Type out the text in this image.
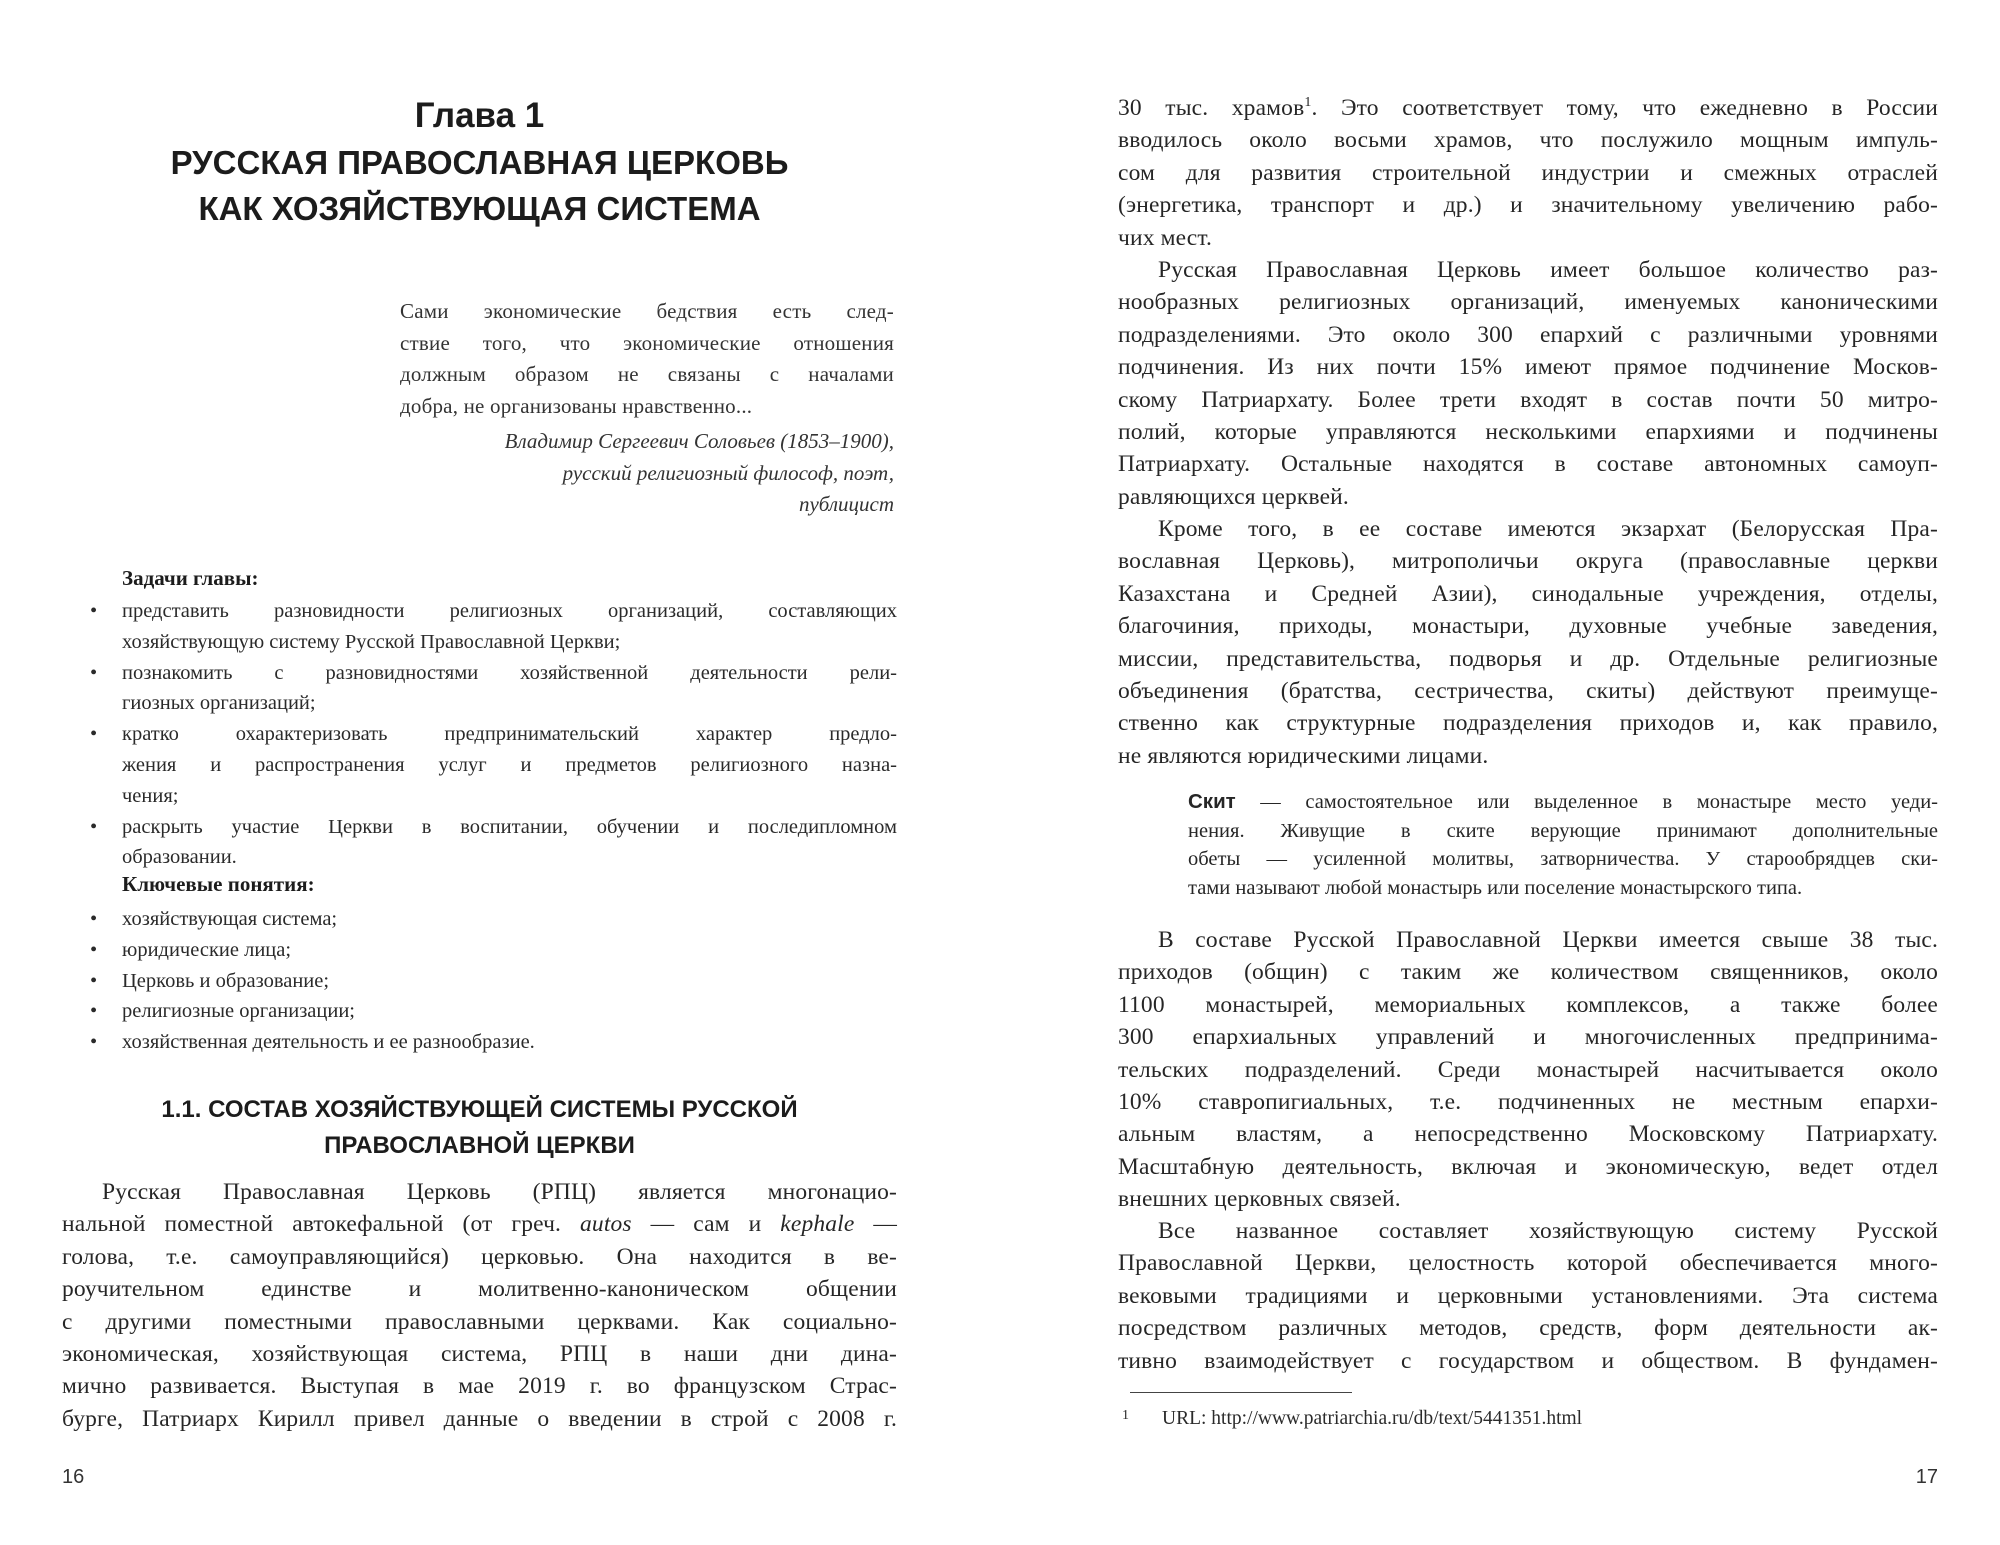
Глава 1
РУССКАЯ ПРАВОСЛАВНАЯ ЦЕРКОВЬ
КАК ХОЗЯЙСТВУЮЩАЯ СИСТЕМА
Сами экономические бедствия есть след-
ствие того, что экономические отношения
должным образом не связаны с началами
добра, не организованы нравственно...
Владимир Сергеевич Соловьев (1853–1900),
русский религиозный философ, поэт,
публицист
Задачи главы:
• представить разновидности религиозных организаций, составляющих
хозяйствующую систему Русской Православной Церкви;
• познакомить с разновидностями хозяйственной деятельности рели-
гиозных организаций;
• кратко охарактеризовать предпринимательский характер предло-
жения и распространения услуг и предметов религиозного назна-
чения;
• раскрыть участие Церкви в воспитании, обучении и последипломном
образовании.
Ключевые понятия:
• хозяйствующая система;
• юридические лица;
• Церковь и образование;
• религиозные организации;
• хозяйственная деятельность и ее разнообразие.
1.1. СОСТАВ ХОЗЯЙСТВУЮЩЕЙ СИСТЕМЫ РУССКОЙ
ПРАВОСЛАВНОЙ ЦЕРКВИ
Русская Православная Церковь (РПЦ) является многонацио-
нальной поместной автокефальной (от греч. autos — сам и kephale —
голова, т.е. самоуправляющийся) церковью. Она находится в ве-
роучительном единстве и молитвенно-каноническом общении
с другими поместными православными церквами. Как социально-
экономическая, хозяйствующая система, РПЦ в наши дни дина-
мично развивается. Выступая в мае 2019 г. во французском Страс-
бурге, Патриарх Кирилл привел данные о введении в строй с 2008 г.
16
30 тыс. храмов$^1$. Это соответствует тому, что ежедневно в России
вводилось около восьми храмов, что послужило мощным импуль-
сом для развития строительной индустрии и смежных отраслей
(энергетика, транспорт и др.) и значительному увеличению рабо-
чих мест.
Русская Православная Церковь имеет большое количество раз-
нообразных религиозных организаций, именуемых каноническими
подразделениями. Это около 300 епархий с различными уровнями
подчинения. Из них почти 15% имеют прямое подчинение Москов-
скому Патриархату. Более трети входят в состав почти 50 митро-
полий, которые управляются несколькими епархиями и подчинены
Патриархату. Остальные находятся в составе автономных самоуп-
равляющихся церквей.
Кроме того, в ее составе имеются экзархат (Белорусская Пра-
вославная Церковь), митрополичьи округа (православные церкви
Казахстана и Средней Азии), синодальные учреждения, отделы,
благочиния, приходы, монастыри, духовные учебные заведения,
миссии, представительства, подворья и др. Отдельные религиозные
объединения (братства, сестричества, скиты) действуют преимуще-
ственно как структурные подразделения приходов и, как правило,
не являются юридическими лицами.
Скит — самостоятельное или выделенное в монастыре место уеди-
нения. Живущие в ските верующие принимают дополнительные
обеты — усиленной молитвы, затворничества. У старообрядцев ски-
тами называют любой монастырь или поселение монастырского типа.
В составе Русской Православной Церкви имеется свыше 38 тыс.
приходов (общин) с таким же количеством священников, около
1100 монастырей, мемориальных комплексов, а также более
300 епархиальных управлений и многочисленных предпринима-
тельских подразделений. Среди монастырей насчитывается около
10% ставропигиальных, т.е. подчиненных не местным епархи-
альным властям, а непосредственно Московскому Патриархату.
Масштабную деятельность, включая и экономическую, ведет отдел
внешних церковных связей.
Все названное составляет хозяйствующую систему Русской
Православной Церкви, целостность которой обеспечивается много-
вековыми традициями и церковными установлениями. Эта система
посредством различных методов, средств, форм деятельности ак-
тивно взаимодействует с государством и обществом. В фундамен-
1 URL: http://www.patriarchia.ru/db/text/5441351.html
17
